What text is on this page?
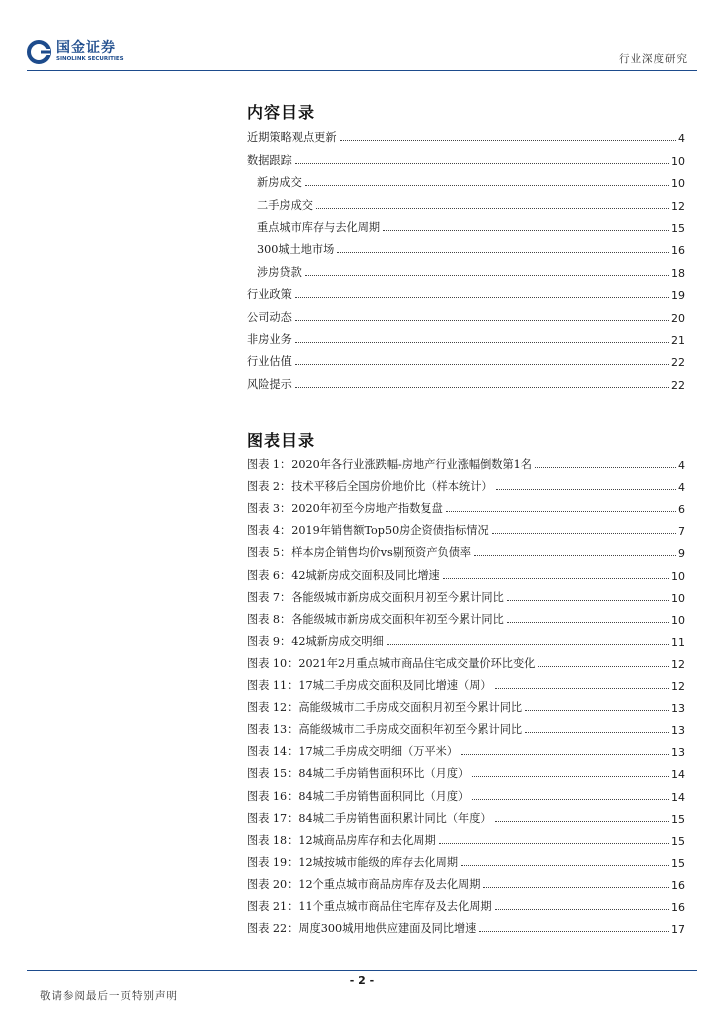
国金证券
SINOLINK SECURITIES	行业深度研究
内容目录
近期策略观点更新	4
数据跟踪	10
新房成交	10
二手房成交	12
重点城市库存与去化周期	15
300城土地市场	16
涉房贷款	18
行业政策	19
公司动态	20
非房业务	21
行业估值	22
风险提示	22
图表目录
图表 1：2020年各行业涨跌幅-房地产行业涨幅倒数第1名	4
图表 2：技术平移后全国房价地价比（样本统计）	4
图表 3：2020年初至今房地产指数复盘	6
图表 4：2019年销售额Top50房企资债指标情况	7
图表 5：样本房企销售均价vs剔预资产负债率	9
图表 6：42城新房成交面积及同比增速	10
图表 7：各能级城市新房成交面积月初至今累计同比	10
图表 8：各能级城市新房成交面积年初至今累计同比	10
图表 9：42城新房成交明细	11
图表 10：2021年2月重点城市商品住宅成交量价环比变化	12
图表 11：17城二手房成交面积及同比增速（周）	12
图表 12：高能级城市二手房成交面积月初至今累计同比	13
图表 13：高能级城市二手房成交面积年初至今累计同比	13
图表 14：17城二手房成交明细（万平米）	13
图表 15：84城二手房销售面积环比（月度）	14
图表 16：84城二手房销售面积同比（月度）	14
图表 17：84城二手房销售面积累计同比（年度）	15
图表 18：12城商品房库存和去化周期	15
图表 19：12城按城市能级的库存去化周期	15
图表 20：12个重点城市商品房库存及去化周期	16
图表 21：11个重点城市商品住宅库存及去化周期	16
图表 22：周度300城用地供应建面及同比增速	17
- 2 -
敬请参阅最后一页特别声明
